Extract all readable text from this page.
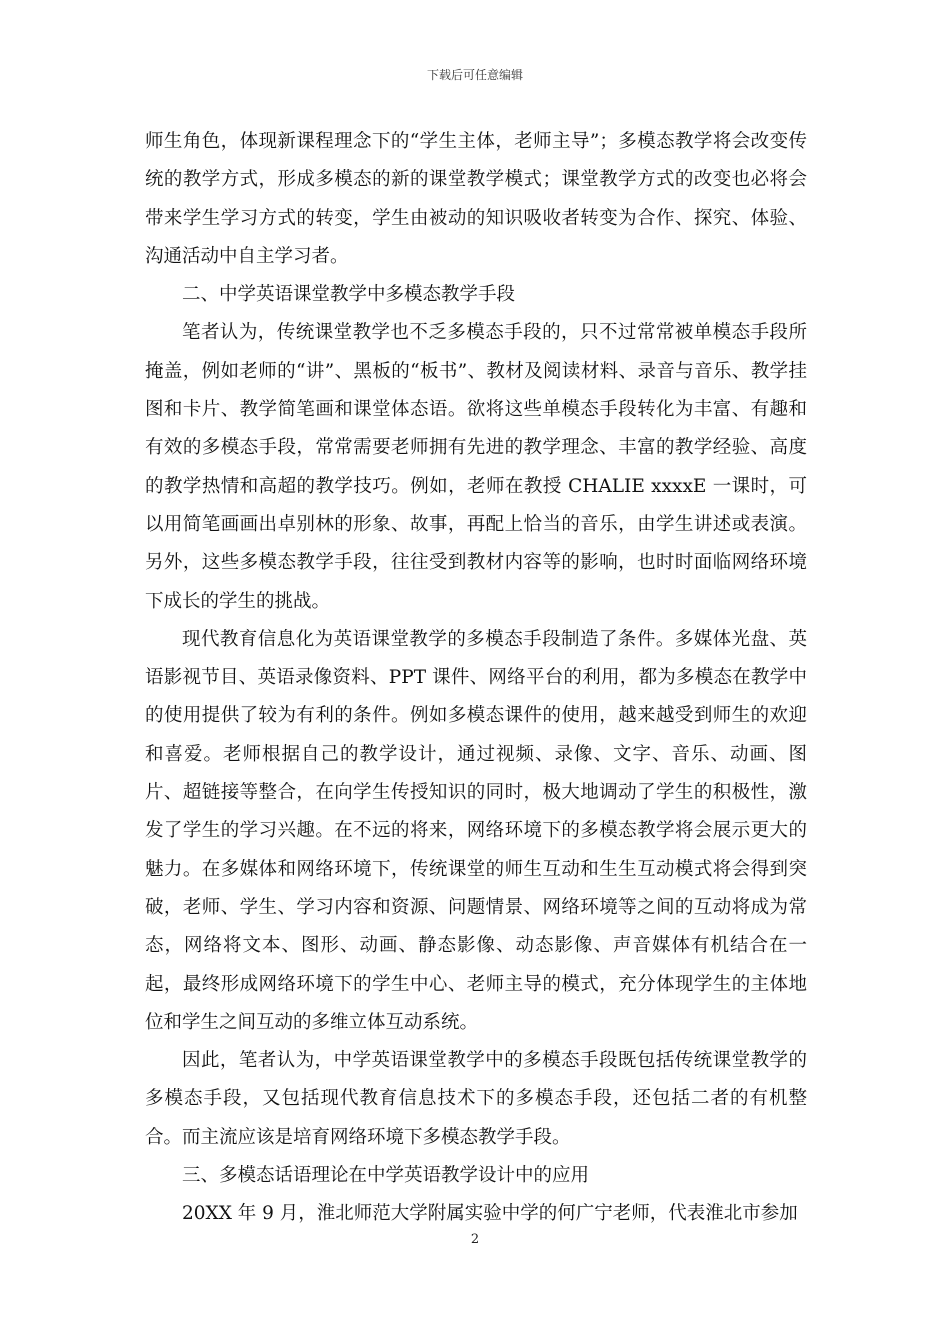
下载后可任意编辑

师生角色，体现新课程理念下的“学生主体，老师主导”；多模态教学将会改变传统的教学方式，形成多模态的新的课堂教学模式；课堂教学方式的改变也必将会带来学生学习方式的转变，学生由被动的知识吸收者转变为合作、探究、体验、沟通活动中自主学习者。

二、中学英语课堂教学中多模态教学手段

笔者认为，传统课堂教学也不乏多模态手段的，只不过常常被单模态手段所掩盖，例如老师的“讲”、黑板的“板书”、教材及阅读材料、录音与音乐、教学挂图和卡片、教学简笔画和课堂体态语。欲将这些单模态手段转化为丰富、有趣和有效的多模态手段，常常需要老师拥有先进的教学理念、丰富的教学经验、高度的教学热情和高超的教学技巧。例如，老师在教授 CHALIE xxxxE 一课时，可以用简笔画画出卓别林的形象、故事，再配上恰当的音乐，由学生讲述或表演。另外，这些多模态教学手段，往往受到教材内容等的影响，也时时面临网络环境下成长的学生的挑战。

现代教育信息化为英语课堂教学的多模态手段制造了条件。多媒体光盘、英语影视节目、英语录像资料、PPT 课件、网络平台的利用，都为多模态在教学中的使用提供了较为有利的条件。例如多模态课件的使用，越来越受到师生的欢迎和喜爱。老师根据自己的教学设计，通过视频、录像、文字、音乐、动画、图片、超链接等整合，在向学生传授知识的同时，极大地调动了学生的积极性，激发了学生的学习兴趣。在不远的将来，网络环境下的多模态教学将会展示更大的魅力。在多媒体和网络环境下，传统课堂的师生互动和生生互动模式将会得到突破，老师、学生、学习内容和资源、问题情景、网络环境等之间的互动将成为常态，网络将文本、图形、动画、静态影像、动态影像、声音媒体有机结合在一起，最终形成网络环境下的学生中心、老师主导的模式，充分体现学生的主体地位和学生之间互动的多维立体互动系统。

因此，笔者认为，中学英语课堂教学中的多模态手段既包括传统课堂教学的多模态手段，又包括现代教育信息技术下的多模态手段，还包括二者的有机整合。而主流应该是培育网络环境下多模态教学手段。

三、多模态话语理论在中学英语教学设计中的应用

20XX 年 9 月，淮北师范大学附属实验中学的何广宁老师，代表淮北市参加

2
